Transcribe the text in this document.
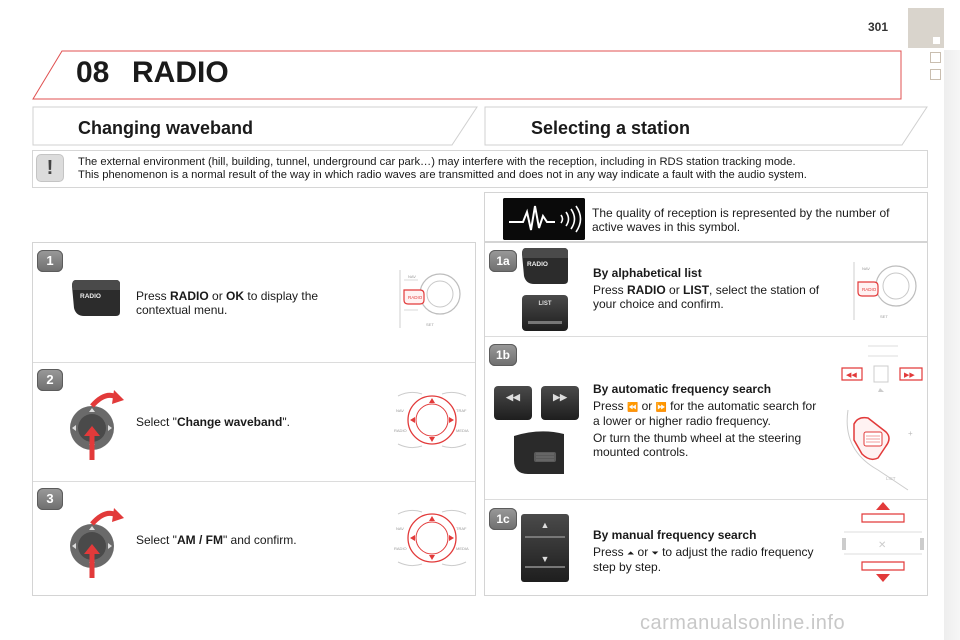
301
08 RADIO
Changing waveband	Selecting a station
!	The external environment (hill, building, tunnel, underground car park…) may interfere with the reception, including in RDS station tracking mode.
This phenomenon is a normal result of the way in which radio waves are transmitted and does not in any way indicate a fault with the audio system.
1
RADIO	Press RADIO or OK to display the contextual menu.
RADIO
NAV
SET
2
Select "Change waveband".
NAV	TRAF
RADIO	MEDIA
3
Select "AM / FM" and confirm.
NAV	TRAF
RADIO	MEDIA
The quality of reception is represented by the number of active waves in this symbol.
1a	RADIO
LIST
By alphabetical list
Press RADIO or LIST, select the station of your choice and confirm.
RADIO
NAV
SET
1b
◀◀	▶▶
By automatic frequency search
Press ⏪ or ⏩ for the automatic search for a lower or higher radio frequency.
Or turn the thumb wheel at the steering mounted controls.
◀◀	▶▶
+
LIST
1c	▲
▼
By manual frequency search
Press ⏶ or ⏷ to adjust the radio frequency step by step.
✕
carmanualsonline.info
